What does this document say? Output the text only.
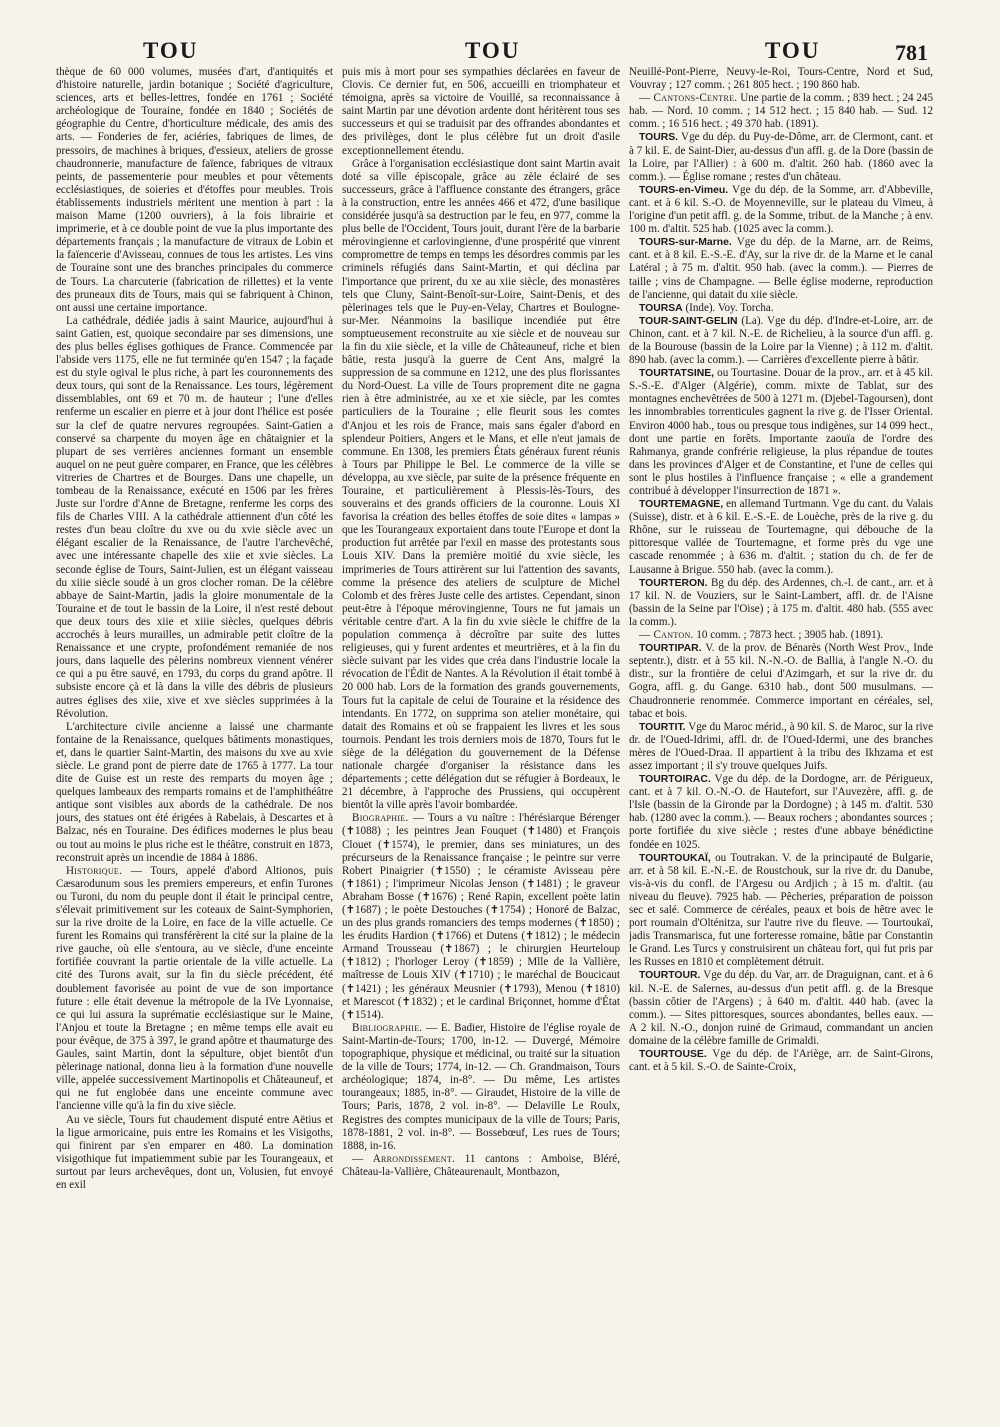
TOU	TOU	TOU	781

thèque de 60 000 volumes, musées d'art, d'antiquités et d'histoire naturelle, jardin botanique ; Société d'agriculture, sciences, arts et belles-lettres, fondée en 1761 ; Société archéologique de Touraine, fondée en 1840 ; Sociétés de géographie du Centre, d'horticulture médicale, des amis des arts. — Fonderies de fer, aciéries, fabriques de limes, de pressoirs, de machines à briques, d'essieux, ateliers de grosse chaudronnerie, manufacture de faïence, fabriques de vitraux peints, de passementerie pour meubles et pour vêtements ecclésiastiques, de soieries et d'étoffes pour meubles. Trois établissements industriels méritent une mention à part : la maison Mame (1200 ouvriers), à la fois librairie et imprimerie, et à ce double point de vue la plus importante des départements français ; la manufacture de vitraux de Lobin et la faïencerie d'Avisseau, connues de tous les artistes. Les vins de Touraine sont une des branches principales du commerce de Tours. La charcuterie (fabrication de rillettes) et la vente des pruneaux dits de Tours, mais qui se fabriquent à Chinon, ont aussi une certaine importance.

La cathédrale, dédiée jadis à saint Maurice, aujourd'hui à saint Gatien, est, quoique secondaire par ses dimensions, une des plus belles églises gothiques de France. Commencée par l'abside vers 1175, elle ne fut terminée qu'en 1547 ; la façade est du style ogival le plus riche, à part les couronnements des deux tours, qui sont de la Renaissance. Les tours, légèrement dissemblables, ont 69 et 70 m. de hauteur ; l'une d'elles renferme un escalier en pierre et à jour dont l'hélice est posée sur la clef de quatre nervures regroupées. Saint-Gatien a conservé sa charpente du moyen âge en châtaignier et la plupart de ses verrières anciennes formant un ensemble auquel on ne peut guère comparer, en France, que les célèbres vitreries de Chartres et de Bourges. Dans une chapelle, un tombeau de la Renaissance, exécuté en 1506 par les frères Juste sur l'ordre d'Anne de Bretagne, renferme les corps des fils de Charles VIII. A la cathédrale attiennent d'un côté les restes d'un beau cloître du xve ou du xvie siècle avec un élégant escalier de la Renaissance, de l'autre l'archevêché, avec une intéressante chapelle des xiie et xvie siècles. La seconde église de Tours, Saint-Julien, est un élégant vaisseau du xiiie siècle soudé à un gros clocher roman. De la célèbre abbaye de Saint-Martin, jadis la gloire monumentale de la Touraine et de tout le bassin de la Loire, il n'est resté debout que deux tours des xiie et xiiie siècles, quelques débris accrochés à leurs murailles, un admirable petit cloître de la Renaissance et une crypte, profondément remaniée de nos jours, dans laquelle des pèlerins nombreux viennent vénérer ce qui a pu être sauvé, en 1793, du corps du grand apôtre. Il subsiste encore çà et là dans la ville des débris de plusieurs autres églises des xiie, xive et xve siècles supprimées à la Révolution.

L'architecture civile ancienne a laissé une charmante fontaine de la Renaissance, quelques bâtiments monastiques, et, dans le quartier Saint-Martin, des maisons du xve au xvie siècle. Le grand pont de pierre date de 1765 à 1777. La tour dite de Guise est un reste des remparts du moyen âge ; quelques lambeaux des remparts romains et de l'amphithéâtre antique sont visibles aux abords de la cathédrale. De nos jours, des statues ont été érigées à Rabelais, à Descartes et à Balzac, nés en Touraine. Des édifices modernes le plus beau ou tout au moins le plus riche est le théâtre, construit en 1873, reconstruit après un incendie de 1884 à 1886.

Historique. — Tours, appelé d'abord Altionos, puis Cæsarodunum sous les premiers empereurs, et enfin Turones ou Turoni, du nom du peuple dont il était le principal centre, s'élevait primitivement sur les coteaux de Saint-Symphorien, sur la rive droite de la Loire, en face de la ville actuelle. Ce furent les Romains qui transférèrent la cité sur la plaine de la rive gauche, où elle s'entoura, au ve siècle, d'une enceinte fortifiée couvrant la partie orientale de la ville actuelle. La cité des Turons avait, sur la fin du siècle précédent, été doublement favorisée au point de vue de son importance future : elle était devenue la métropole de la IVe Lyonnaise, ce qui lui assura la suprématie ecclésiastique sur le Maine, l'Anjou et toute la Bretagne ; en même temps elle avait eu pour évêque, de 375 à 397, le grand apôtre et thaumaturge des Gaules, saint Martin, dont la sépulture, objet bientôt d'un pèlerinage national, donna lieu à la formation d'une nouvelle ville, appelée successivement Martinopolis et Châteauneuf, et qui ne fut englobée dans une enceinte commune avec l'ancienne ville qu'à la fin du xive siècle.

Au ve siècle, Tours fut chaudement disputé entre Aëtius et la ligue armoricaine, puis entre les Romains et les Visigoths, qui finirent par s'en emparer en 480. La domination visigothique fut impatiemment subie par les Tourangeaux, et surtout par leurs archevêques, dont un, Volusien, fut envoyé en exil

puis mis à mort pour ses sympathies déclarées en faveur de Clovis. Ce dernier fut, en 506, accueilli en triomphateur et témoigna, après sa victoire de Vouillé, sa reconnaissance à saint Martin par une dévotion ardente dont héritèrent tous ses successeurs et qui se traduisit par des offrandes abondantes et des privilèges, dont le plus célèbre fut un droit d'asile exceptionnellement étendu.

Grâce à l'organisation ecclésiastique dont saint Martin avait doté sa ville épiscopale, grâce au zèle éclairé de ses successeurs, grâce à l'affluence constante des étrangers, grâce à la construction, entre les années 466 et 472, d'une basilique considérée jusqu'à sa destruction par le feu, en 977, comme la plus belle de l'Occident, Tours jouit, durant l'ère de la barbarie mérovingienne et carlovingienne, d'une prospérité que vinrent compromettre de temps en temps les désordres commis par les criminels réfugiés dans Saint-Martin, et qui déclina par l'importance que prirent, du xe au xiie siècle, des monastères tels que Cluny, Saint-Benoît-sur-Loire, Saint-Denis, et des pèlerinages tels que le Puy-en-Velay, Chartres et Boulogne-sur-Mer. Néanmoins la basilique incendiée put être somptueusement reconstruite au xie siècle et de nouveau sur la fin du xiie siècle, et la ville de Châteauneuf, riche et bien bâtie, resta jusqu'à la guerre de Cent Ans, malgré la suppression de sa commune en 1212, une des plus florissantes du Nord-Ouest. La ville de Tours proprement dite ne gagna rien à être administrée, au xe et xie siècle, par les comtes particuliers de la Touraine ; elle fleurit sous les comtes d'Anjou et les rois de France, mais sans égaler d'abord en splendeur Poitiers, Angers et le Mans, et elle n'eut jamais de commune. En 1308, les premiers États généraux furent réunis à Tours par Philippe le Bel. Le commerce de la ville se développa, au xve siècle, par suite de la présence fréquente en Touraine, et particulièrement à Plessis-lès-Tours, des souverains et des grands officiers de la couronne. Louis XI favorisa la création des belles étoffes de soie dites « lampas » que les Tourangeaux exportaient dans toute l'Europe et dont la production fut arrêtée par l'exil en masse des protestants sous Louis XIV. Dans la première moitié du xvie siècle, les imprimeries de Tours attirèrent sur lui l'attention des savants, comme la présence des ateliers de sculpture de Michel Colomb et des frères Juste celle des artistes. Cependant, sinon peut-être à l'époque mérovingienne, Tours ne fut jamais un véritable centre d'art. A la fin du xvie siècle le chiffre de la population commença à décroître par suite des luttes religieuses, qui y furent ardentes et meurtrières, et à la fin du siècle suivant par les vides que créa dans l'industrie locale la révocation de l'Édit de Nantes. A la Révolution il était tombé à 20 000 hab. Lors de la formation des grands gouvernements, Tours fut la capitale de celui de Touraine et la résidence des intendants. En 1772, on supprima son atelier monétaire, qui datait des Romains et où se frappaient les livres et les sous tournois. Pendant les trois derniers mois de 1870, Tours fut le siège de la délégation du gouvernement de la Défense nationale chargée d'organiser la résistance dans les départements ; cette délégation dut se réfugier à Bordeaux, le 21 décembre, à l'approche des Prussiens, qui occupèrent bientôt la ville après l'avoir bombardée.

Biographie. — Tours a vu naître : l'hérésiarque Bérenger (✝1088) ; les peintres Jean Fouquet (✝1480) et François Clouet (✝1574), le premier, dans ses miniatures, un des précurseurs de la Renaissance française ; le peintre sur verre Robert Pinaigrier (✝1550) ; le céramiste Avisseau père (✝1861) ; l'imprimeur Nicolas Jenson (✝1481) ; le graveur Abraham Bosse (✝1676) ; René Rapin, excellent poète latin (✝1687) ; le poète Destouches (✝1754) ; Honoré de Balzac, un des plus grands romanciers des temps modernes (✝1850) ; les érudits Hardion (✝1766) et Dutens (✝1812) ; le médecin Armand Trousseau (✝1867) ; le chirurgien Heurteloup (✝1812) ; l'horloger Leroy (✝1859) ; Mlle de la Vallière, maîtresse de Louis XIV (✝1710) ; le maréchal de Boucicaut (✝1421) ; les généraux Meusnier (✝1793), Menou (✝1810) et Marescot (✝1832) ; et le cardinal Briçonnet, homme d'État (✝1514).

Bibliographie. — E. Badier, Histoire de l'église royale de Saint-Martin-de-Tours; 1700, in-12. — Duvergé, Mémoire topographique, physique et médicinal, ou traité sur la situation de la ville de Tours; 1774, in-12. — Ch. Grandmaison, Tours archéologique; 1874, in-8°. — Du même, Les artistes tourangeaux; 1885, in-8°. — Giraudet, Histoire de la ville de Tours; Paris, 1878, 2 vol. in-8°. — Delaville Le Roulx, Registres des comptes municipaux de la ville de Tours; Paris, 1878-1881, 2 vol. in-8°. — Bossebœuf, Les rues de Tours; 1888, in-16.

— Arrondissement. 11 cantons : Amboise, Bléré, Château-la-Vallière, Châteaurenault, Montbazon,

Neuillé-Pont-Pierre, Neuvy-le-Roi, Tours-Centre, Nord et Sud, Vouvray ; 127 comm. ; 261 805 hect. ; 190 860 hab.

— Cantons-Centre. Une partie de la comm. ; 839 hect. ; 24 245 hab. — Nord. 10 comm. ; 14 512 hect. ; 15 840 hab. — Sud. 12 comm. ; 16 516 hect. ; 49 370 hab. (1891).

TOURS. Vge du dép. du Puy-de-Dôme, arr. de Clermont, cant. et à 7 kil. E. de Saint-Dier, au-dessus d'un affl. g. de la Dore (bassin de la Loire, par l'Allier) : à 600 m. d'altit. 260 hab. (1860 avec la comm.). — Église romane ; restes d'un château.

TOURS-en-Vimeu. Vge du dép. de la Somme, arr. d'Abbeville, cant. et à 6 kil. S.-O. de Moyenneville, sur le plateau du Vimeu, à l'origine d'un petit affl. g. de la Somme, tribut. de la Manche ; à env. 100 m. d'altit. 525 hab. (1025 avec la comm.).

TOURS-sur-Marne. Vge du dép. de la Marne, arr. de Reims, cant. et à 8 kil. E.-S.-E. d'Ay, sur la rive dr. de la Marne et le canal Latéral ; à 75 m. d'altit. 950 hab. (avec la comm.). — Pierres de taille ; vins de Champagne. — Belle église moderne, reproduction de l'ancienne, qui datait du xiie siècle.

TOURSA (Inde). Voy. Torcha.

TOUR-SAINT-GELIN (La). Vge du dép. d'Indre-et-Loire, arr. de Chinon, cant. et à 7 kil. N.-E. de Richelieu, à la source d'un affl. g. de la Bourouse (bassin de la Loire par la Vienne) ; à 112 m. d'altit. 890 hab. (avec la comm.). — Carrières d'excellente pierre à bâtir.

TOURTATSINE, ou Tourtasine. Douar de la prov., arr. et à 45 kil. S.-S.-E. d'Alger (Algérie), comm. mixte de Tablat, sur des montagnes enchevêtrées de 500 à 1271 m. (Djebel-Tagoursen), dont les innombrables torrenticules gagnent la rive g. de l'Isser Oriental. Environ 4000 hab., tous ou presque tous indigènes, sur 14 099 hect., dont une partie en forêts. Importante zaouïa de l'ordre des Rahmanya, grande confrérie religieuse, la plus répandue de toutes dans les provinces d'Alger et de Constantine, et l'une de celles qui sont le plus hostiles à l'influence française ; « elle a grandement contribué à développer l'insurrection de 1871 ».

TOURTEMAGNE, en allemand Turtmann. Vge du cant. du Valais (Suisse), distr. et à 6 kil. E.-S.-E. de Louèche, près de la rive g. du Rhône, sur le ruisseau de Tourtemagne, qui débouche de la pittoresque vallée de Tourtemagne, et forme près du vge une cascade renommée ; à 636 m. d'altit. ; station du ch. de fer de Lausanne à Brigue. 550 hab. (avec la comm.).

TOURTERON. Bg du dép. des Ardennes, ch.-l. de cant., arr. et à 17 kil. N. de Vouziers, sur le Saint-Lambert, affl. dr. de l'Aisne (bassin de la Seine par l'Oise) ; à 175 m. d'altit. 480 hab. (555 avec la comm.).

— Canton. 10 comm. ; 7873 hect. ; 3905 hab. (1891).

TOURTIPAR. V. de la prov. de Bénarès (North West Prov., Inde septentr.), distr. et à 55 kil. N.-N.-O. de Ballia, à l'angle N.-O. du distr., sur la frontière de celui d'Azimgarh, et sur la rive dr. du Gogra, affl. g. du Gange. 6310 hab., dont 500 musulmans. — Chaudronnerie renommée. Commerce important en céréales, sel, tabac et bois.

TOURTIT. Vge du Maroc mérid., à 90 kil. S. de Maroc, sur la rive dr. de l'Oued-Idrimi, affl. dr. de l'Oued-Idermi, une des branches mères de l'Oued-Draa. Il appartient à la tribu des Ikhzama et est assez important ; il s'y trouve quelques Juifs.

TOURTOIRAC. Vge du dép. de la Dordogne, arr. de Périgueux, cant. et à 7 kil. O.-N.-O. de Hautefort, sur l'Auvezère, affl. g. de l'Isle (bassin de la Gironde par la Dordogne) ; à 145 m. d'altit. 530 hab. (1280 avec la comm.). — Beaux rochers ; abondantes sources ; porte fortifiée du xive siècle ; restes d'une abbaye bénédictine fondée en 1025.

TOURTOUKAÏ, ou Toutrakan. V. de la principauté de Bulgarie, arr. et à 58 kil. E.-N.-E. de Roustchouk, sur la rive dr. du Danube, vis-à-vis du confl. de l'Argesu ou Ardjich ; à 15 m. d'altit. (au niveau du fleuve). 7925 hab. — Pêcheries, préparation de poisson sec et salé. Commerce de céréales, peaux et bois de hêtre avec le port roumain d'Olténitza, sur l'autre rive du fleuve. — Tourtoukaï, jadis Transmarisca, fut une forteresse romaine, bâtie par Constantin le Grand. Les Turcs y construisirent un château fort, qui fut pris par les Russes en 1810 et complètement détruit.

TOURTOUR. Vge du dép. du Var, arr. de Draguignan, cant. et à 6 kil. N.-E. de Salernes, au-dessus d'un petit affl. g. de la Bresque (bassin côtier de l'Argens) ; à 640 m. d'altit. 440 hab. (avec la comm.). — Sites pittoresques, sources abondantes, belles eaux. — A 2 kil. N.-O., donjon ruiné de Grimaud, commandant un ancien domaine de la célèbre famille de Grimaldi.

TOURTOUSE. Vge du dép. de l'Ariège, arr. de Saint-Girons, cant. et à 5 kil. S.-O. de Sainte-Croix,
